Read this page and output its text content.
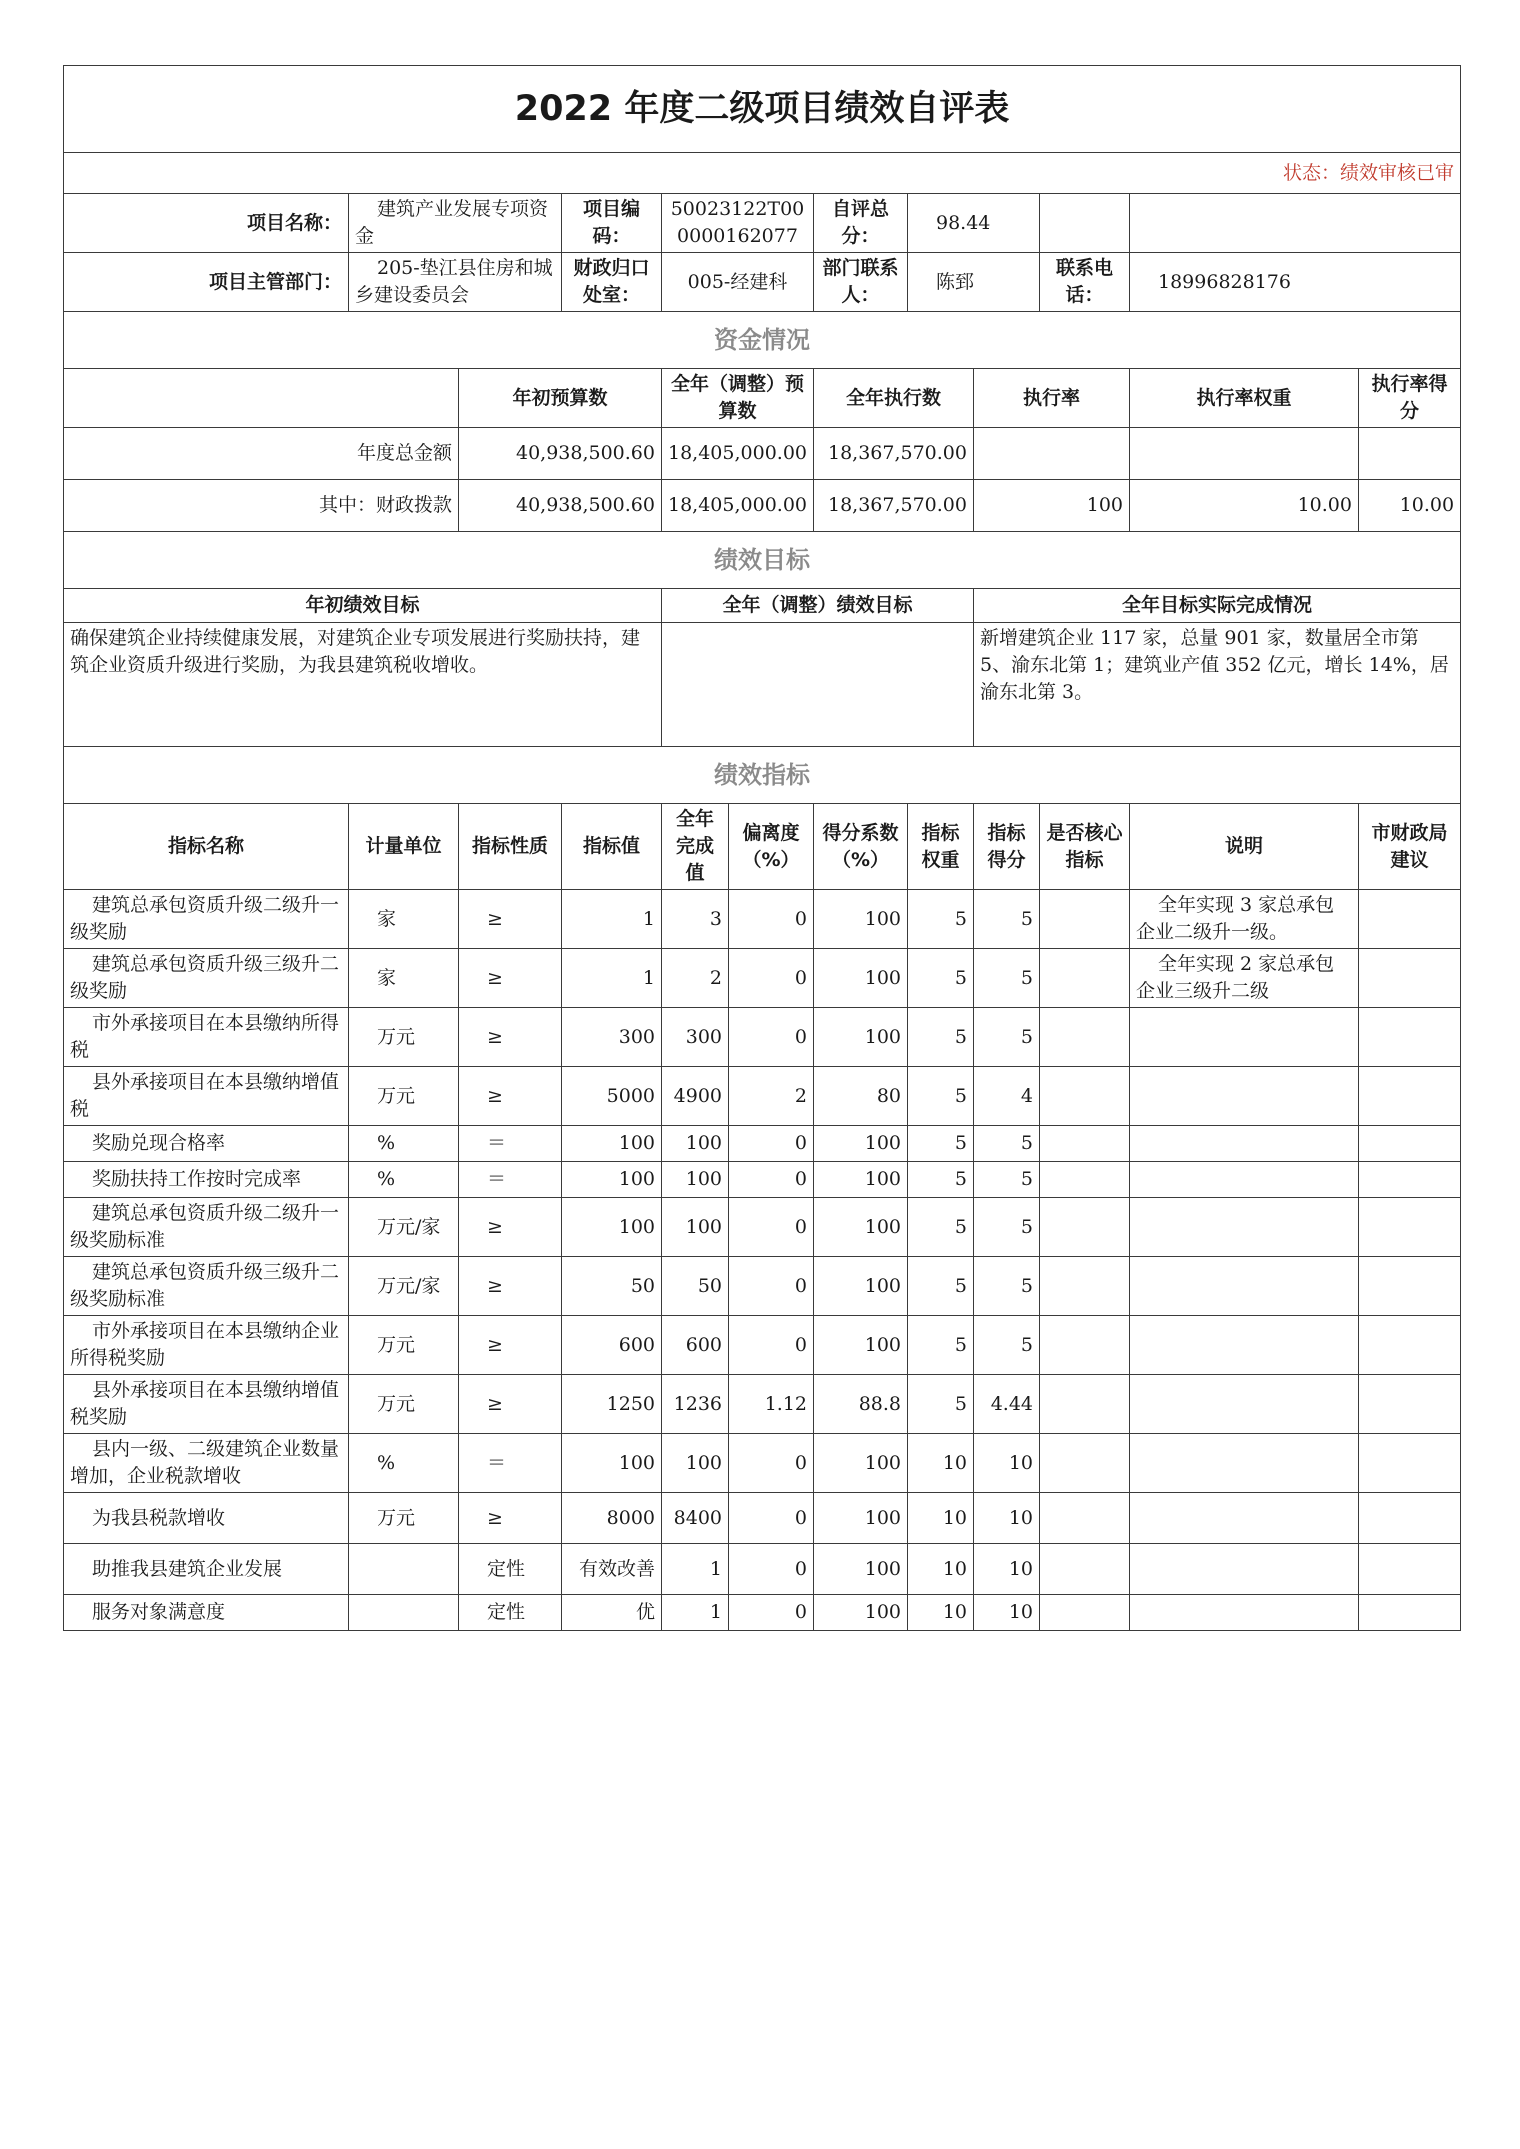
2022 年度二级项目绩效自评表											
状态：绩效审核已审											
项目名称：	建筑产业发展专项资金		项目编码：	50023122T000000162077		自评总分：	98.44				
项目主管部门：	205-垫江县住房和城乡建设委员会		财政归口处室：	005-经建科		部门联系人：	陈郅		联系电话：	18996828176	
资金情况											
		年初预算数		全年（调整）预算数		全年执行数		执行率		执行率权重	执行率得分
年度总金额		40,938,500.60		18,405,000.00		18,367,570.00					
其中：财政拨款		40,938,500.60		18,405,000.00		18,367,570.00		100		10.00	10.00
绩效目标											
年初绩效目标				全年（调整）绩效目标				全年目标实际完成情况			
确保建筑企业持续健康发展，对建筑企业专项发展进行奖励扶持，建筑企业资质升级进行奖励，为我县建筑税收增收。								新增建筑企业 117 家，总量 901 家，数量居全市第 5、渝东北第 1；建筑业产值 352 亿元，增长 14%，居渝东北第 3。			
绩效指标											
指标名称	计量单位	指标性质	指标值	全年完成值	偏离度（%）	得分系数（%）	指标权重	指标得分	是否核心指标	说明	市财政局建议
建筑总承包资质升级二级升一级奖励	家	≥	1	3	0	100	5	5		全年实现 3 家总承包企业二级升一级。	
建筑总承包资质升级三级升二级奖励	家	≥	1	2	0	100	5	5		全年实现 2 家总承包企业三级升二级	
市外承接项目在本县缴纳所得税	万元	≥	300	300	0	100	5	5			
县外承接项目在本县缴纳增值税	万元	≥	5000	4900	2	80	5	4			
奖励兑现合格率	%	＝	100	100	0	100	5	5			
奖励扶持工作按时完成率	%	＝	100	100	0	100	5	5			
建筑总承包资质升级二级升一级奖励标准	万元/家	≥	100	100	0	100	5	5			
建筑总承包资质升级三级升二级奖励标准	万元/家	≥	50	50	0	100	5	5			
市外承接项目在本县缴纳企业所得税奖励	万元	≥	600	600	0	100	5	5			
县外承接项目在本县缴纳增值税奖励	万元	≥	1250	1236	1.12	88.8	5	4.44			
县内一级、二级建筑企业数量增加，企业税款增收	%	＝	100	100	0	100	10	10			
为我县税款增收	万元	≥	8000	8400	0	100	10	10			
助推我县建筑企业发展		定性	有效改善	1	0	100	10	10			
服务对象满意度		定性	优	1	0	100	10	10			
